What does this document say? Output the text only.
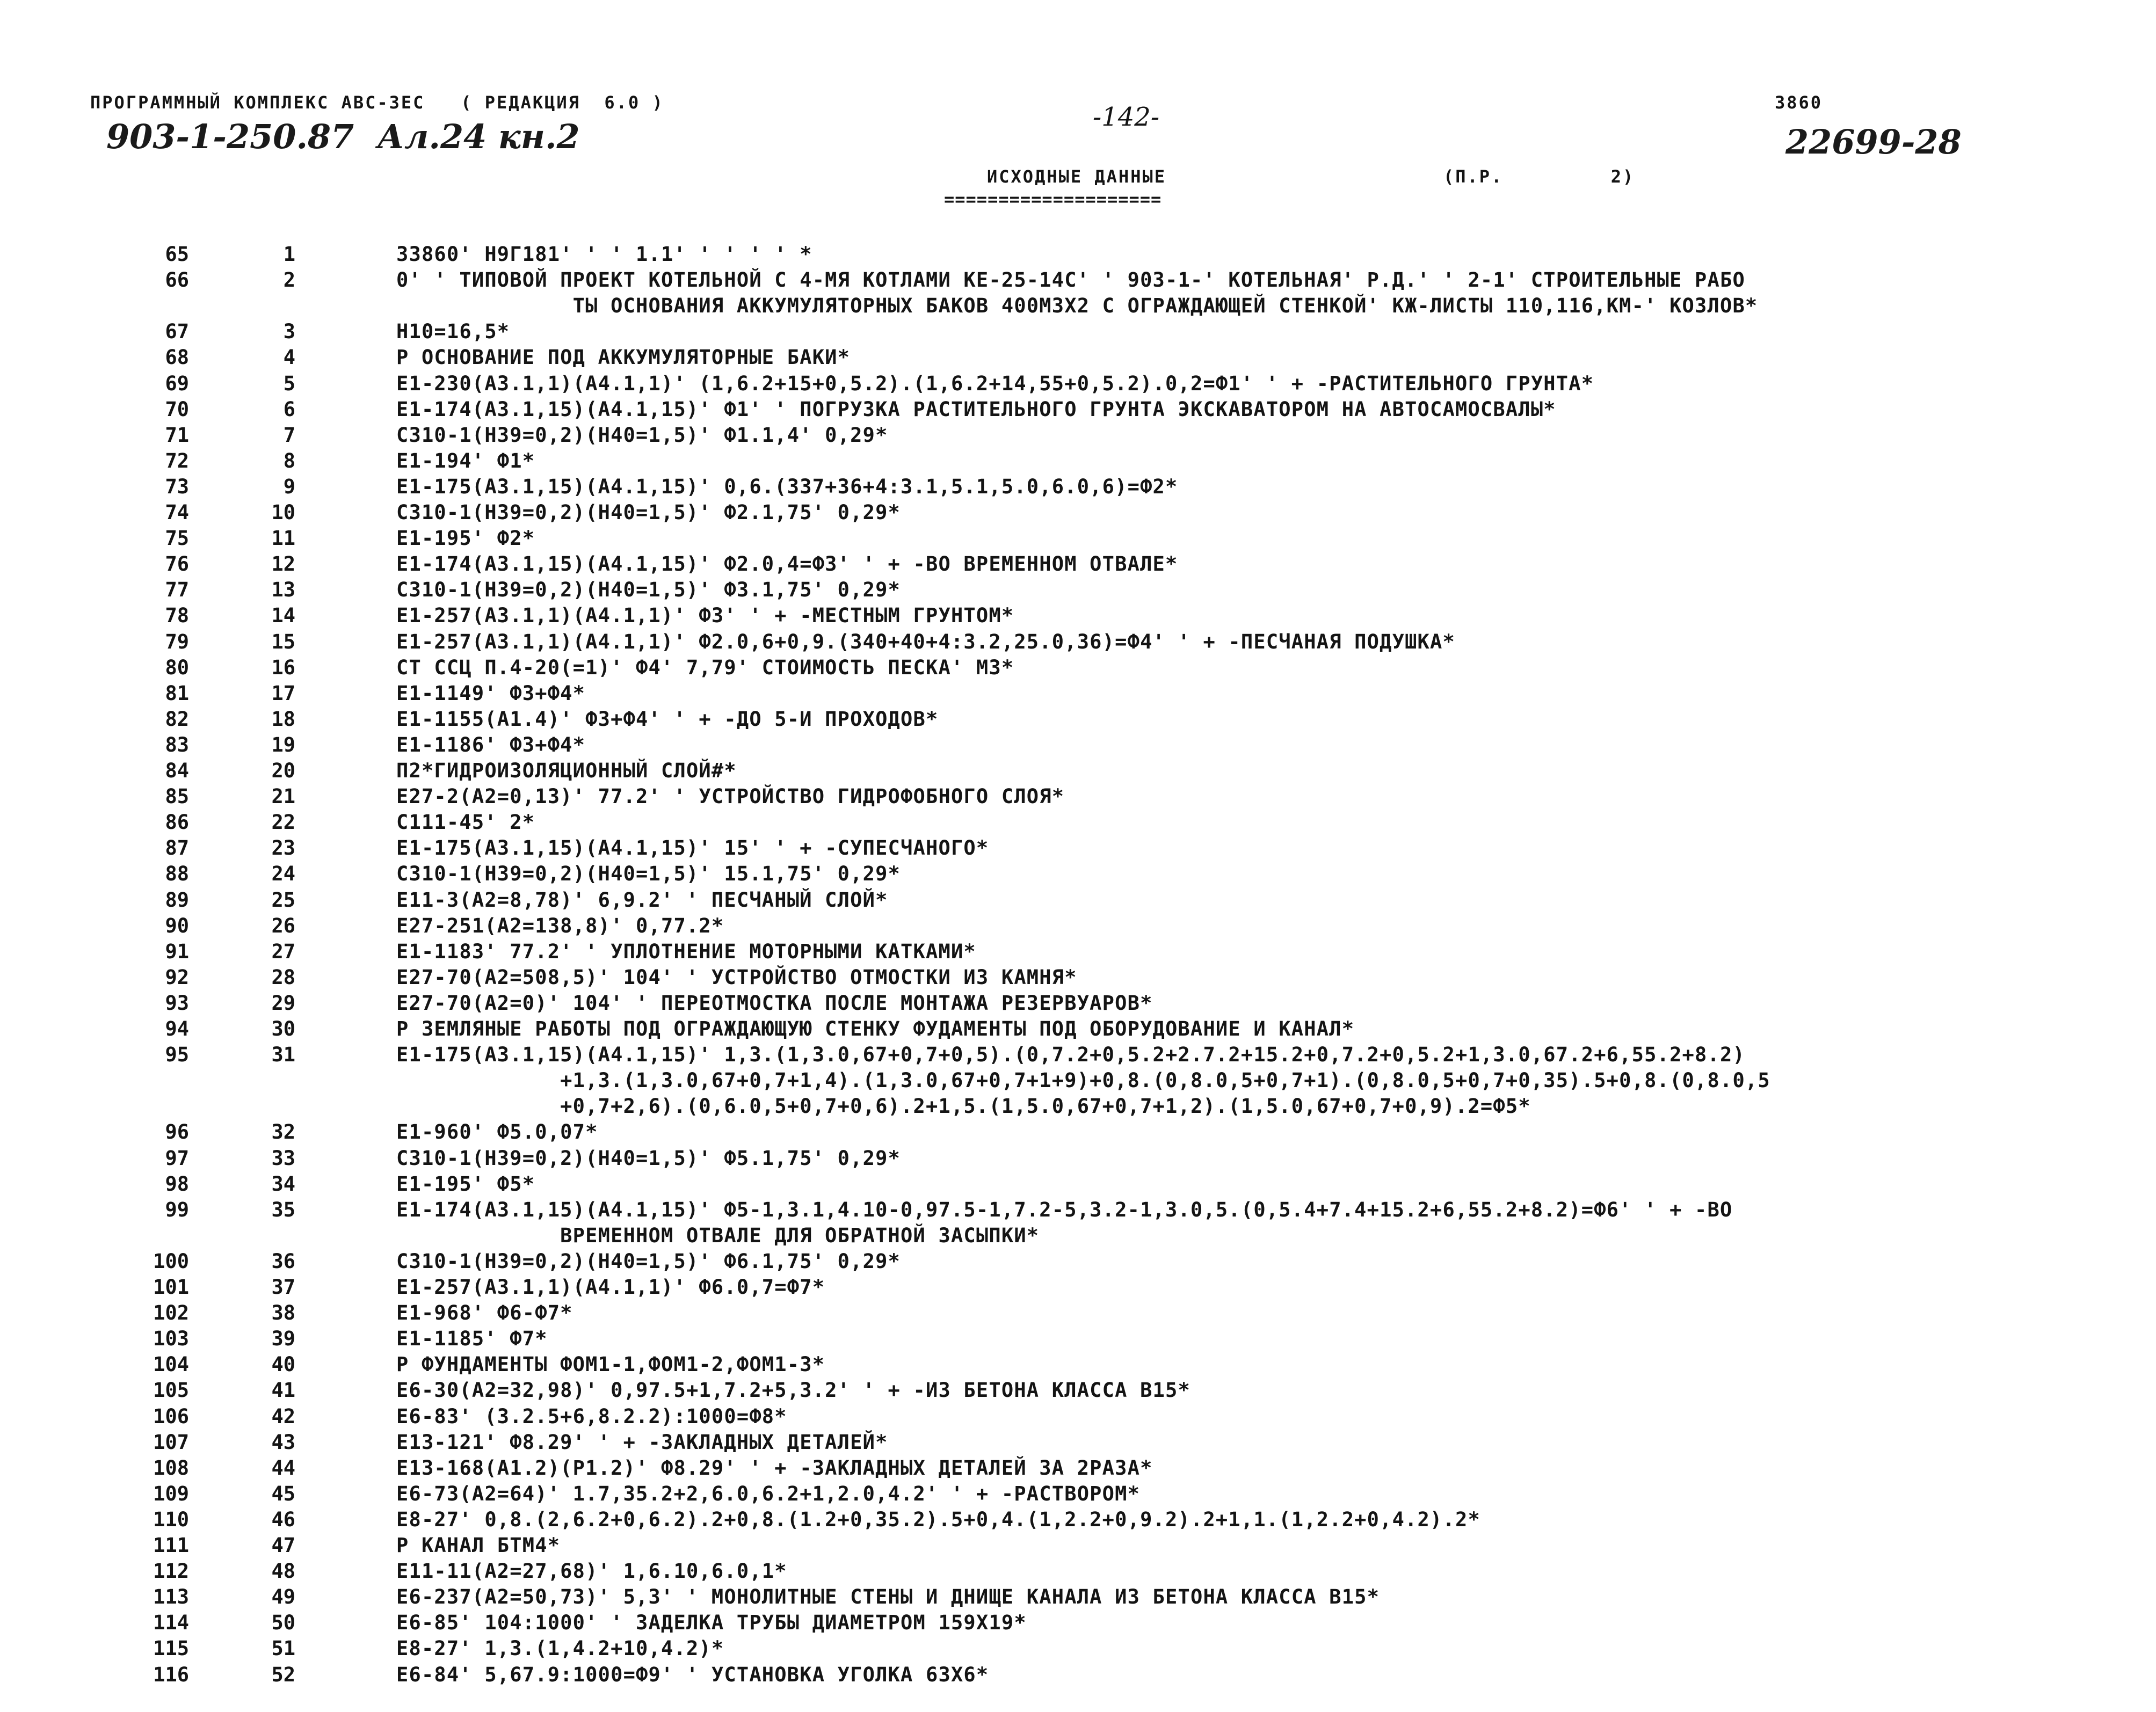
ПРОГРАММНЫЙ КОМПЛЕКС АВС-3ЕС   ( РЕДАКЦИЯ  6.0 )
903-1-250.87  Ал.24 кн.2	-142-	3860
22699-28
ИСХОДНЫЕ ДАННЫЕ
====================
(П.Р.         2)
65	1	33860' Н9Г181' ' ' 1.1' ' ' ' ' *
66	2	0' ' ТИПОВОЙ ПРОЕКТ КОТЕЛЬНОЙ С 4-МЯ КОТЛАМИ КЕ-25-14С' ' 903-1-' КОТЕЛЬНАЯ' Р.Д.' ' 2-1' СТРОИТЕЛЬНЫЕ РАБО
ТЫ ОСНОВАНИЯ АККУМУЛЯТОРНЫХ БАКОВ 400М3Х2 С ОГРАЖДАЮЩЕЙ СТЕНКОЙ' КЖ-ЛИСТЫ 110,116,КМ-' КОЗЛОВ*
67	3	Н10=16,5*
68	4	Р ОСНОВАНИЕ ПОД АККУМУЛЯТОРНЫЕ БАКИ*
69	5	Е1-230(А3.1,1)(А4.1,1)' (1,6.2+15+0,5.2).(1,6.2+14,55+0,5.2).0,2=Ф1' ' + -РАСТИТЕЛЬНОГО ГРУНТА*
70	6	Е1-174(А3.1,15)(А4.1,15)' Ф1' ' ПОГРУЗКА РАСТИТЕЛЬНОГО ГРУНТА ЭКСКАВАТОРОМ НА АВТОСАМОСВАЛЫ*
71	7	С310-1(Н39=0,2)(Н40=1,5)' Ф1.1,4' 0,29*
72	8	Е1-194' Ф1*
73	9	Е1-175(А3.1,15)(А4.1,15)' 0,6.(337+36+4:3.1,5.1,5.0,6.0,6)=Ф2*
74	10	С310-1(Н39=0,2)(Н40=1,5)' Ф2.1,75' 0,29*
75	11	Е1-195' Ф2*
76	12	Е1-174(А3.1,15)(А4.1,15)' Ф2.0,4=Ф3' ' + -ВО ВРЕМЕННОМ ОТВАЛЕ*
77	13	С310-1(Н39=0,2)(Н40=1,5)' Ф3.1,75' 0,29*
78	14	Е1-257(А3.1,1)(А4.1,1)' Ф3' ' + -МЕСТНЫМ ГРУНТОМ*
79	15	Е1-257(А3.1,1)(А4.1,1)' Ф2.0,6+0,9.(340+40+4:3.2,25.0,36)=Ф4' ' + -ПЕСЧАНАЯ ПОДУШКА*
80	16	СТ ССЦ П.4-20(=1)' Ф4' 7,79' СТОИМОСТЬ ПЕСКА' М3*
81	17	Е1-1149' Ф3+Ф4*
82	18	Е1-1155(А1.4)' Ф3+Ф4' ' + -ДО 5-И ПРОХОДОВ*
83	19	Е1-1186' Ф3+Ф4*
84	20	П2*ГИДРОИЗОЛЯЦИОННЫЙ СЛОЙ#*
85	21	Е27-2(А2=0,13)' 77.2' ' УСТРОЙСТВО ГИДРОФОБНОГО СЛОЯ*
86	22	С111-45' 2*
87	23	Е1-175(А3.1,15)(А4.1,15)' 15' ' + -СУПЕСЧАНОГО*
88	24	С310-1(Н39=0,2)(Н40=1,5)' 15.1,75' 0,29*
89	25	Е11-3(А2=8,78)' 6,9.2' ' ПЕСЧАНЫЙ СЛОЙ*
90	26	Е27-251(А2=138,8)' 0,77.2*
91	27	Е1-1183' 77.2' ' УПЛОТНЕНИЕ МОТОРНЫМИ КАТКАМИ*
92	28	Е27-70(А2=508,5)' 104' ' УСТРОЙСТВО ОТМОСТКИ ИЗ КАМНЯ*
93	29	Е27-70(А2=0)' 104' ' ПЕРЕОТМОСТКА ПОСЛЕ МОНТАЖА РЕЗЕРВУАРОВ*
94	30	Р ЗЕМЛЯНЫЕ РАБОТЫ ПОД ОГРАЖДАЮЩУЮ СТЕНКУ ФУДАМЕНТЫ ПОД ОБОРУДОВАНИЕ И КАНАЛ*
95	31	Е1-175(А3.1,15)(А4.1,15)' 1,3.(1,3.0,67+0,7+0,5).(0,7.2+0,5.2+2.7.2+15.2+0,7.2+0,5.2+1,3.0,67.2+6,55.2+8.2)
+1,3.(1,3.0,67+0,7+1,4).(1,3.0,67+0,7+1+9)+0,8.(0,8.0,5+0,7+1).(0,8.0,5+0,7+0,35).5+0,8.(0,8.0,5
+0,7+2,6).(0,6.0,5+0,7+0,6).2+1,5.(1,5.0,67+0,7+1,2).(1,5.0,67+0,7+0,9).2=Ф5*
96	32	Е1-960' Ф5.0,07*
97	33	С310-1(Н39=0,2)(Н40=1,5)' Ф5.1,75' 0,29*
98	34	Е1-195' Ф5*
99	35	Е1-174(А3.1,15)(А4.1,15)' Ф5-1,3.1,4.10-0,97.5-1,7.2-5,3.2-1,3.0,5.(0,5.4+7.4+15.2+6,55.2+8.2)=Ф6' ' + -ВО
ВРЕМЕННОМ ОТВАЛЕ ДЛЯ ОБРАТНОЙ ЗАСЫПКИ*
100	36	С310-1(Н39=0,2)(Н40=1,5)' Ф6.1,75' 0,29*
101	37	Е1-257(А3.1,1)(А4.1,1)' Ф6.0,7=Ф7*
102	38	Е1-968' Ф6-Ф7*
103	39	Е1-1185' Ф7*
104	40	Р ФУНДАМЕНТЫ ФОМ1-1,ФОМ1-2,ФОМ1-3*
105	41	Е6-30(А2=32,98)' 0,97.5+1,7.2+5,3.2' ' + -ИЗ БЕТОНА КЛАССА В15*
106	42	Е6-83' (3.2.5+6,8.2.2):1000=Ф8*
107	43	Е13-121' Ф8.29' ' + -ЗАКЛАДНЫХ ДЕТАЛЕЙ*
108	44	Е13-168(А1.2)(Р1.2)' Ф8.29' ' + -ЗАКЛАДНЫХ ДЕТАЛЕЙ ЗА 2РАЗА*
109	45	Е6-73(А2=64)' 1.7,35.2+2,6.0,6.2+1,2.0,4.2' ' + -РАСТВОРОМ*
110	46	Е8-27' 0,8.(2,6.2+0,6.2).2+0,8.(1.2+0,35.2).5+0,4.(1,2.2+0,9.2).2+1,1.(1,2.2+0,4.2).2*
111	47	Р КАНАЛ БТМ4*
112	48	Е11-11(А2=27,68)' 1,6.10,6.0,1*
113	49	Е6-237(А2=50,73)' 5,3' ' МОНОЛИТНЫЕ СТЕНЫ И ДНИЩЕ КАНАЛА ИЗ БЕТОНА КЛАССА В15*
114	50	Е6-85' 104:1000' ' ЗАДЕЛКА ТРУБЫ ДИАМЕТРОМ 159Х19*
115	51	Е8-27' 1,3.(1,4.2+10,4.2)*
116	52	Е6-84' 5,67.9:1000=Ф9' ' УСТАНОВКА УГОЛКА 63Х6*
